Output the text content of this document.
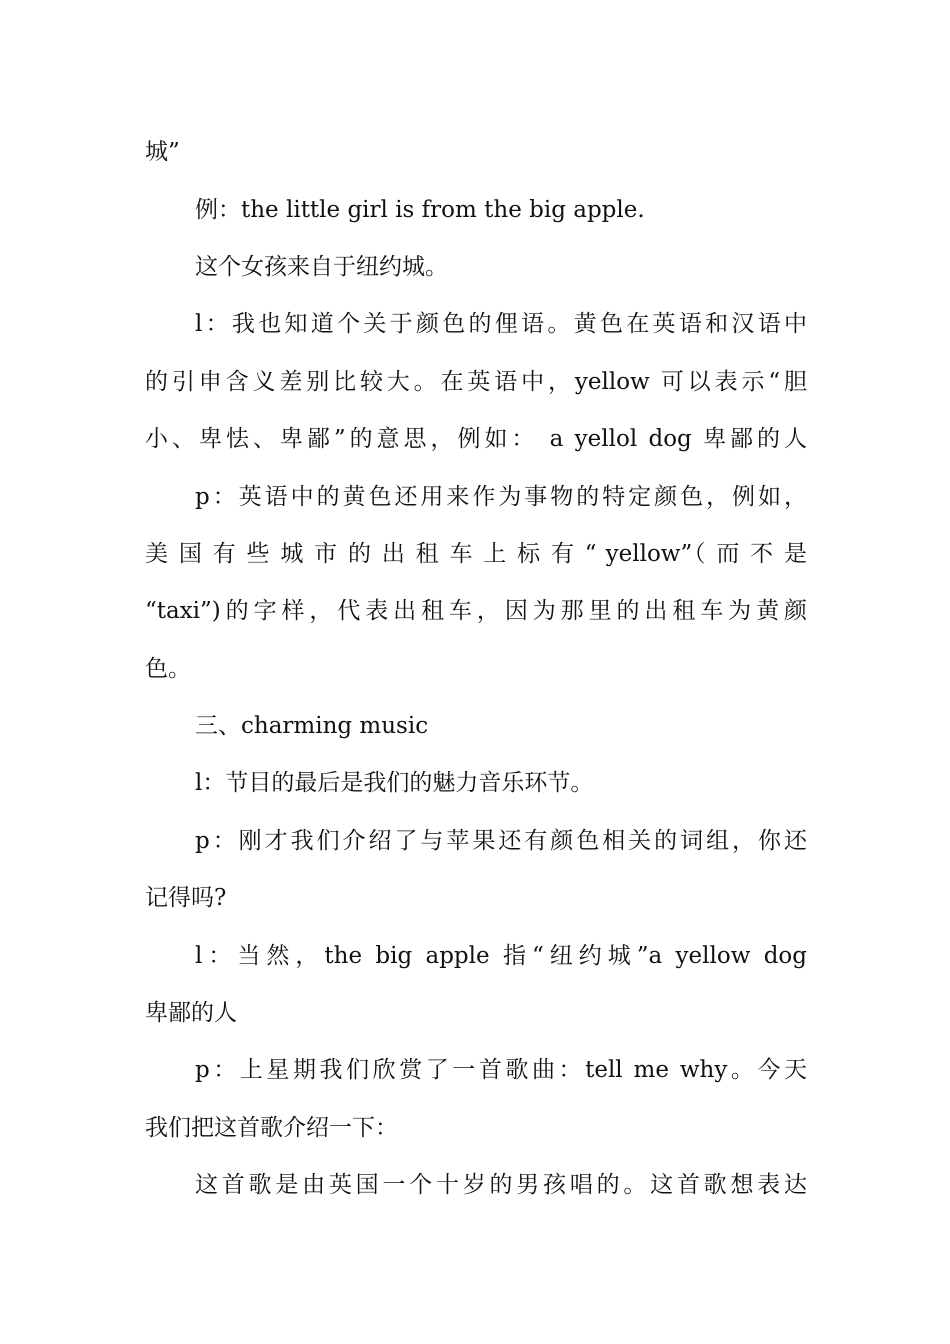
城”
例：the little girl is from the big apple.
这个女孩来自于纽约城。
l：我也知道个关于颜色的俚语。黄色在英语和汉语中
的引申含义差别比较大。在英语中，yellow 可以表示“胆
小、卑怯、卑鄙”的意思，例如： a yellol dog 卑鄙的人
p：英语中的黄色还用来作为事物的特定颜色，例如，
美 国 有 些 城 市 的 出 租 车 上 标 有 “ yellow”（ 而 不 是
“taxi”)的字样，代表出租车，因为那里的出租车为黄颜
色。
三、charming music
l：节目的最后是我们的魅力音乐环节。
p：刚才我们介绍了与苹果还有颜色相关的词组，你还
记得吗?
l：当然，the big apple 指“纽约城”a yellow dog
卑鄙的人
p：上星期我们欣赏了一首歌曲：tell me why。今天
我们把这首歌介绍一下：
这首歌是由英国一个十岁的男孩唱的。这首歌想表达
